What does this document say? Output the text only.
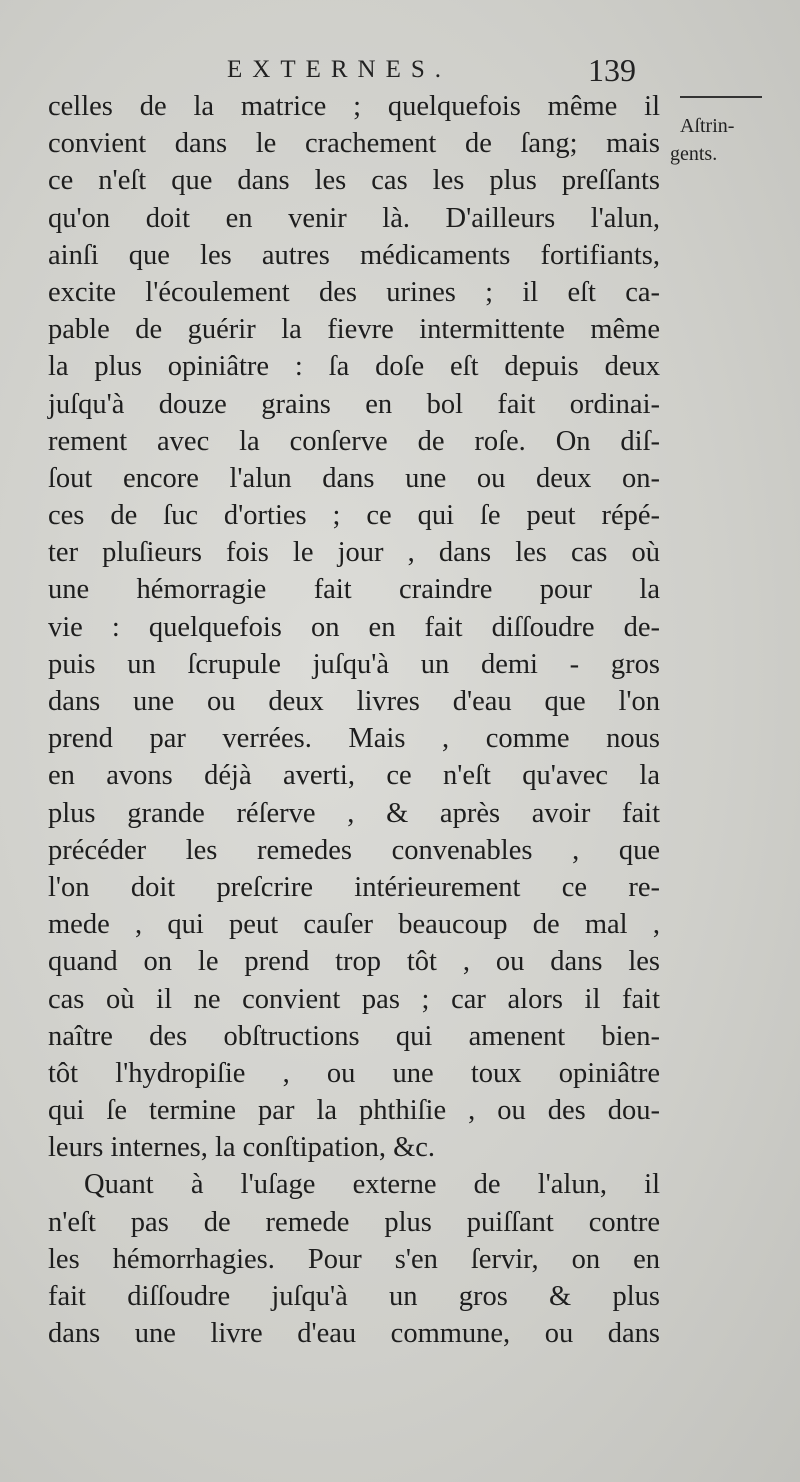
EXTERNES.	139
Aſtrin-
gents.
celles de la matrice ; quelquefois même il
convient dans le crachement de ſang; mais
ce n'eſt que dans les cas les plus preſſants
qu'on doit en venir là. D'ailleurs l'alun,
ainſi que les autres médicaments fortifiants,
excite l'écoulement des urines ; il eſt ca-
pable de guérir la fievre intermittente même
la plus opiniâtre : ſa doſe eſt depuis deux
juſqu'à douze grains en bol fait ordinai-
rement avec la conſerve de roſe. On diſ-
ſout encore l'alun dans une ou deux on-
ces de ſuc d'orties ; ce qui ſe peut répé-
ter pluſieurs fois le jour , dans les cas où
une hémorragie fait craindre pour la
vie : quelquefois on en fait diſſoudre de-
puis un ſcrupule juſqu'à un demi - gros
dans une ou deux livres d'eau que l'on
prend par verrées. Mais , comme nous
en avons déjà averti, ce n'eſt qu'avec la
plus grande réſerve , & après avoir fait
précéder les remedes convenables , que
l'on doit preſcrire intérieurement ce re-
mede , qui peut cauſer beaucoup de mal ,
quand on le prend trop tôt , ou dans les
cas où il ne convient pas ; car alors il fait
naître des obſtructions qui amenent bien-
tôt l'hydropiſie , ou une toux opiniâtre
qui ſe termine par la phthiſie , ou des dou-
leurs internes, la conſtipation, &c.
Quant à l'uſage externe de l'alun, il
n'eſt pas de remede plus puiſſant contre
les hémorrhagies. Pour s'en ſervir, on en
fait diſſoudre juſqu'à un gros & plus
dans une livre d'eau commune, ou dans
